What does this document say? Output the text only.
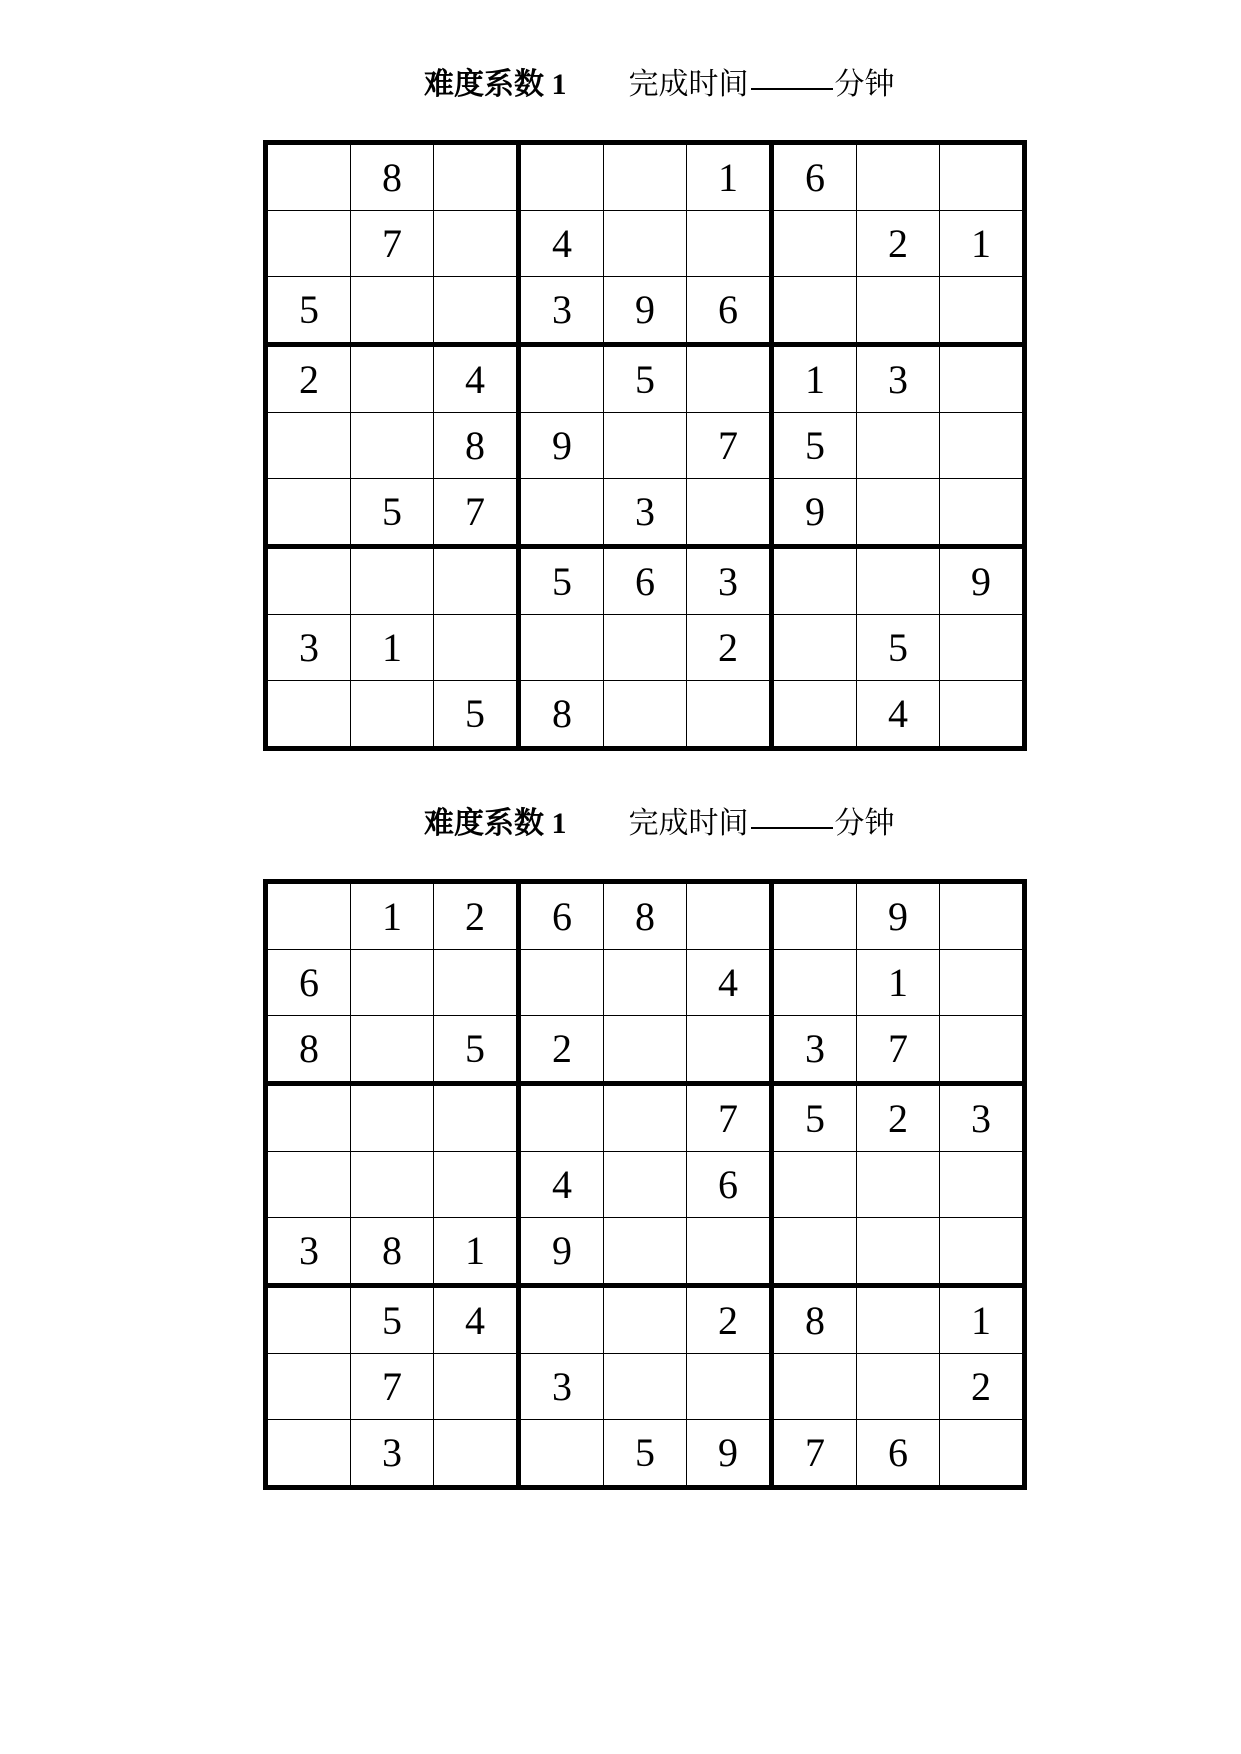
难度系数 1 完成时间	分钟
	8				1	6		
	7		4				2	1
5			3	9	6			
2		4		5		1	3	
		8	9		7	5		
	5	7		3		9		
			5	6	3			9
3	1				2		5	
		5	8				4	
难度系数 1 完成时间	分钟
	1	2	6	8			9	
6					4		1	
8		5	2			3	7	
					7	5	2	3
			4		6			
3	8	1	9					
	5	4			2	8		1
	7		3					2
	3			5	9	7	6	
